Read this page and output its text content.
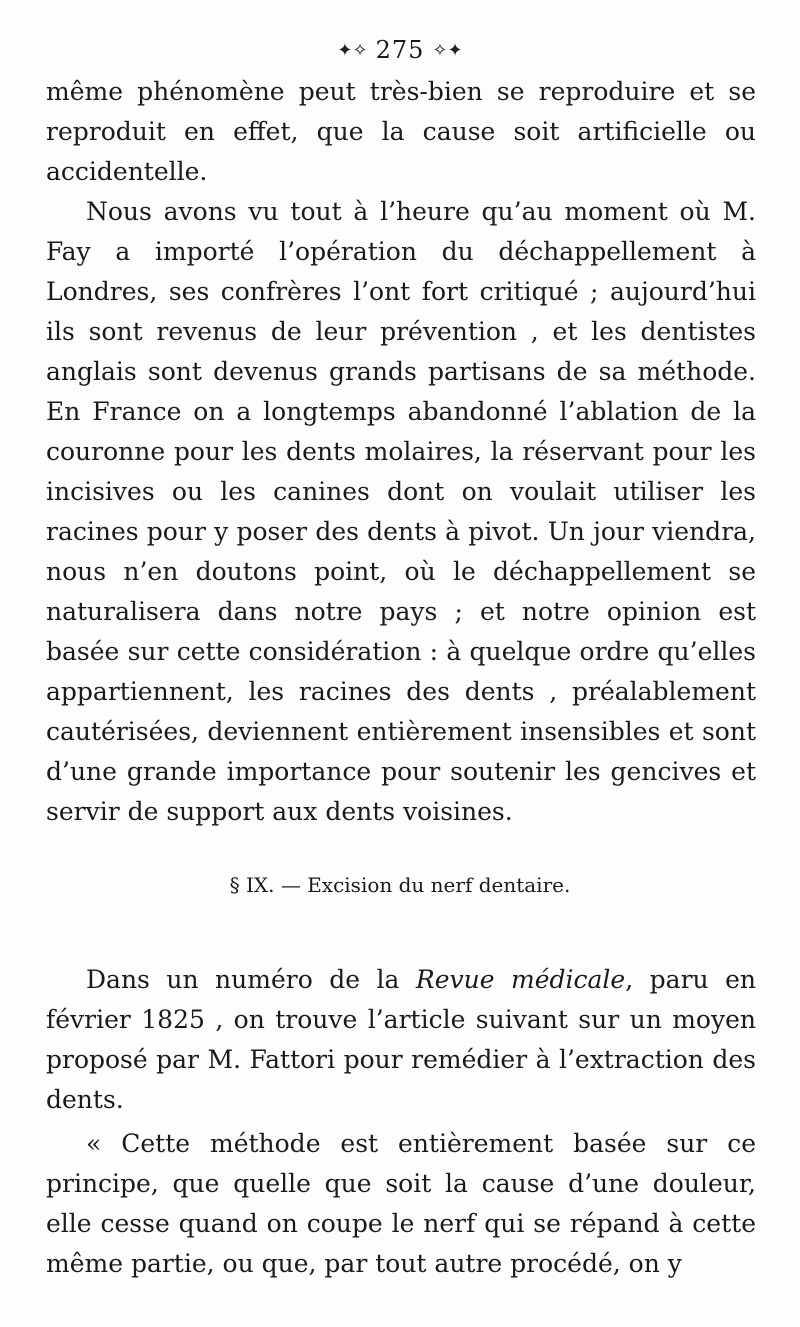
✦✧ 275 ✧✦

même phénomène peut très-bien se reproduire et se reproduit en effet, que la cause soit artificielle ou accidentelle.

Nous avons vu tout à l’heure qu’au moment où M. Fay a importé l’opération du déchappellement à Londres, ses confrères l’ont fort critiqué ; aujourd’hui ils sont revenus de leur prévention , et les dentistes anglais sont devenus grands partisans de sa méthode. En France on a longtemps abandonné l’ablation de la couronne pour les dents molaires, la réservant pour les incisives ou les canines dont on voulait utiliser les racines pour y poser des dents à pivot. Un jour viendra, nous n’en doutons point, où le déchappellement se naturalisera dans notre pays ; et notre opinion est basée sur cette considération : à quelque ordre qu’elles appartiennent, les racines des dents , préalablement cautérisées, deviennent entièrement insensibles et sont d’une grande importance pour soutenir les gencives et servir de support aux dents voisines.

§ IX. — Excision du nerf dentaire.

Dans un numéro de la Revue médicale, paru en février 1825 , on trouve l’article suivant sur un moyen proposé par M. Fattori pour remédier à l’extraction des dents.

« Cette méthode est entièrement basée sur ce principe, que quelle que soit la cause d’une douleur, elle cesse quand on coupe le nerf qui se répand à cette même partie, ou que, par tout autre procédé, on y
